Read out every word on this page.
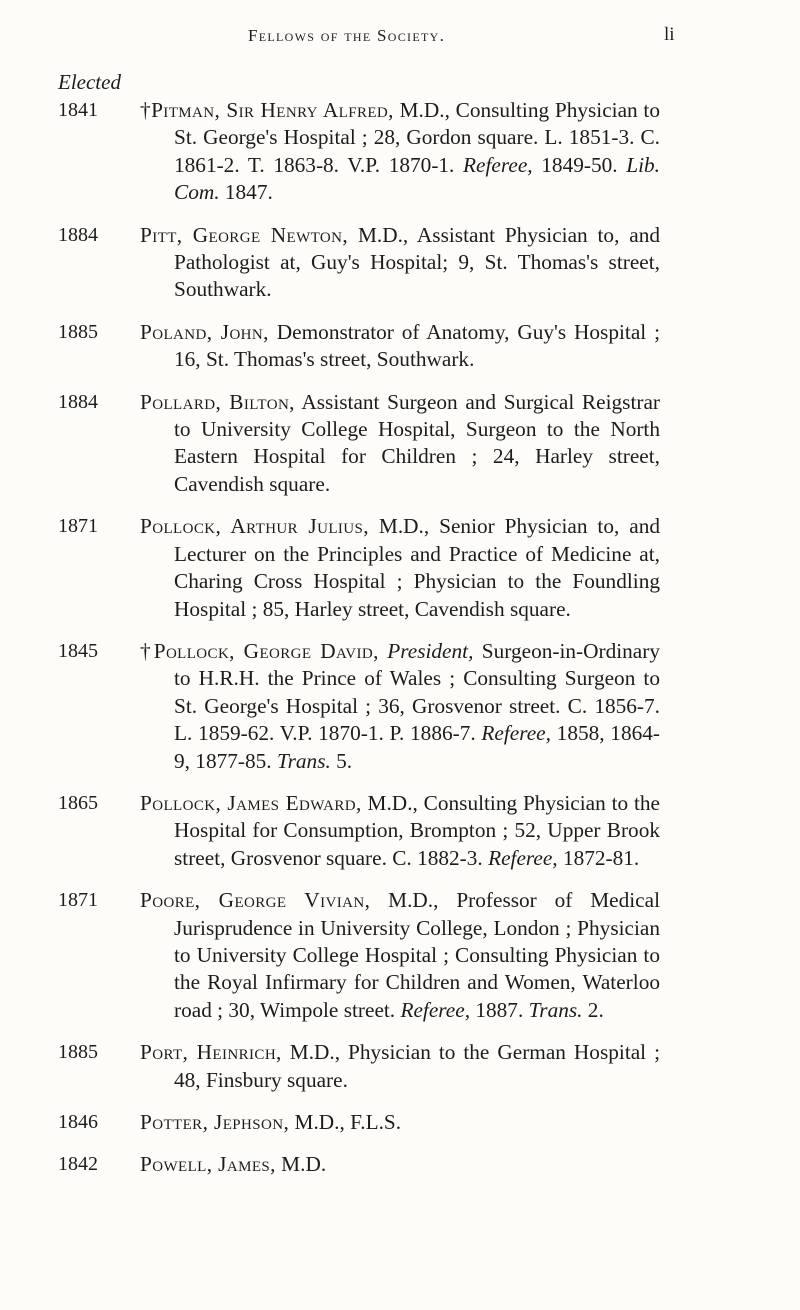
Fellows of the Society.	li
Elected
1841 †Pitman, Sir Henry Alfred, M.D., Consulting Physician to St. George's Hospital ; 28, Gordon square. L. 1851-3. C. 1861-2. T. 1863-8. V.P. 1870-1. Referee, 1849-50. Lib. Com. 1847.
1884 Pitt, George Newton, M.D., Assistant Physician to, and Pathologist at, Guy's Hospital; 9, St. Thomas's street, Southwark.
1885 Poland, John, Demonstrator of Anatomy, Guy's Hospital ; 16, St. Thomas's street, Southwark.
1884 Pollard, Bilton, Assistant Surgeon and Surgical Reigstrar to University College Hospital, Surgeon to the North Eastern Hospital for Children ; 24, Harley street, Cavendish square.
1871 Pollock, Arthur Julius, M.D., Senior Physician to, and Lecturer on the Principles and Practice of Medicine at, Charing Cross Hospital ; Physician to the Foundling Hospital ; 85, Harley street, Cavendish square.
1845 †Pollock, George David, President, Surgeon-in-Ordinary to H.R.H. the Prince of Wales ; Consulting Surgeon to St. George's Hospital ; 36, Grosvenor street. C. 1856-7. L. 1859-62. V.P. 1870-1. P. 1886-7. Referee, 1858, 1864-9, 1877-85. Trans. 5.
1865 Pollock, James Edward, M.D., Consulting Physician to the Hospital for Consumption, Brompton ; 52, Upper Brook street, Grosvenor square. C. 1882-3. Referee, 1872-81.
1871 Poore, George Vivian, M.D., Professor of Medical Jurisprudence in University College, London ; Physician to University College Hospital ; Consulting Physician to the Royal Infirmary for Children and Women, Waterloo road ; 30, Wimpole street. Referee, 1887. Trans. 2.
1885 Port, Heinrich, M.D., Physician to the German Hospital ; 48, Finsbury square.
1846 Potter, Jephson, M.D., F.L.S.
1842 Powell, James, M.D.
